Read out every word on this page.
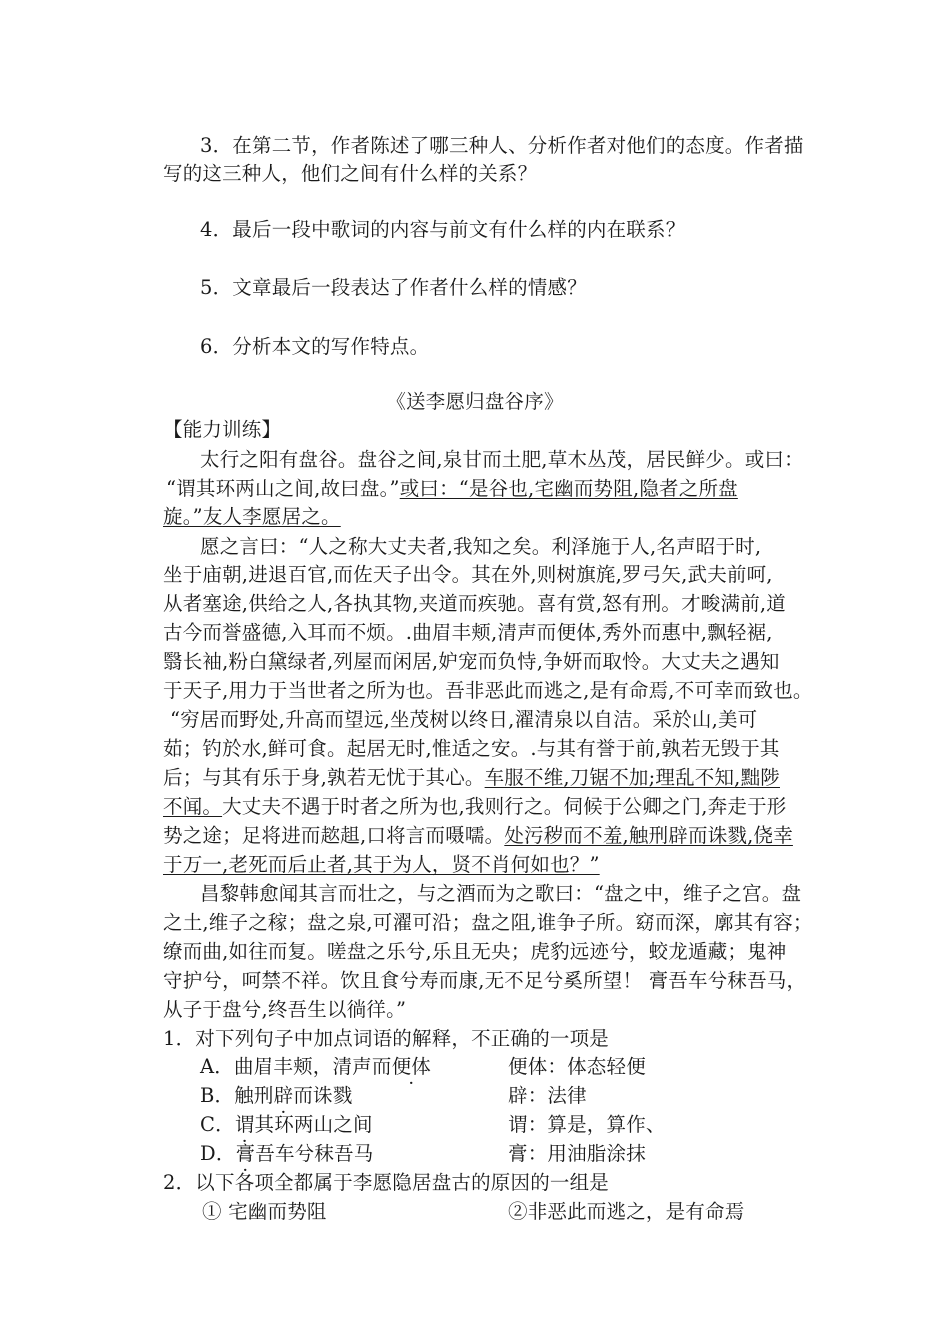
3．在第二节，作者陈述了哪三种人、分析作者对他们的态度。作者描
写的这三种人，他们之间有什么样的关系？
4．最后一段中歌词的内容与前文有什么样的内在联系？
5．文章最后一段表达了作者什么样的情感？
6．分析本文的写作特点。
《送李愿归盘谷序》
【能力训练】
太行之阳有盘谷。盘谷之间,泉甘而土肥,草木丛茂，居民鲜少。或曰：
“谓其环两山之间,故曰盘。”或曰：“是谷也,宅幽而势阻,隐者之所盘
旋。”友人李愿居之。
愿之言曰：“人之称大丈夫者,我知之矣。利泽施于人,名声昭于时,
坐于庙朝,进退百官,而佐天子出令。其在外,则树旗旄,罗弓矢,武夫前呵,
从者塞途,供给之人,各执其物,夹道而疾驰。喜有赏,怒有刑。才畯满前,道
古今而誉盛德,入耳而不烦。.曲眉丰颊,清声而便体,秀外而惠中,飘轻裾,
翳长袖,粉白黛绿者,列屋而闲居,妒宠而负恃,争妍而取怜。大丈夫之遇知
于天子,用力于当世者之所为也。吾非恶此而逃之,是有命焉,不可幸而致也。
“穷居而野处,升高而望远,坐茂树以终日,濯清泉以自洁。采於山,美可
茹；钓於水,鲜可食。起居无时,惟适之安。.与其有誉于前,孰若无毁于其
后；与其有乐于身,孰若无忧于其心。车服不维,刀锯不加;理乱不知,黜陟
不闻。大丈夫不遇于时者之所为也,我则行之。伺候于公卿之门,奔走于形
势之途；足将进而趑趄,口将言而嗫嚅。处污秽而不羞,触刑辟而诛戮,侥幸
于万一,老死而后止者,其于为人，贤不肖何如也？”
昌黎韩愈闻其言而壮之，与之酒而为之歌曰：“盘之中，维子之宫。盘
之土,维子之稼；盘之泉,可濯可沿；盘之阻,谁争子所。窈而深，廓其有容；
缭而曲,如往而复。嗟盘之乐兮,乐且无央；虎豹远迹兮，蛟龙遁藏；鬼神
守护兮，呵禁不祥。饮且食兮寿而康,无不足兮奚所望！ 膏吾车兮秣吾马，
从子于盘兮,终吾生以徜徉。”
1．对下列句子中加点词语的解释，不正确的一项是
A．曲眉丰颊，清声而便体	便体：体态轻便
B．触刑辟而诛戮	辟：法律
C．谓其环两山之间	谓：算是，算作、
D．膏吾车兮秣吾马	膏：用油脂涂抹
2．以下各项全都属于李愿隐居盘古的原因的一组是
① 宅幽而势阻	②非恶此而逃之，是有命焉
